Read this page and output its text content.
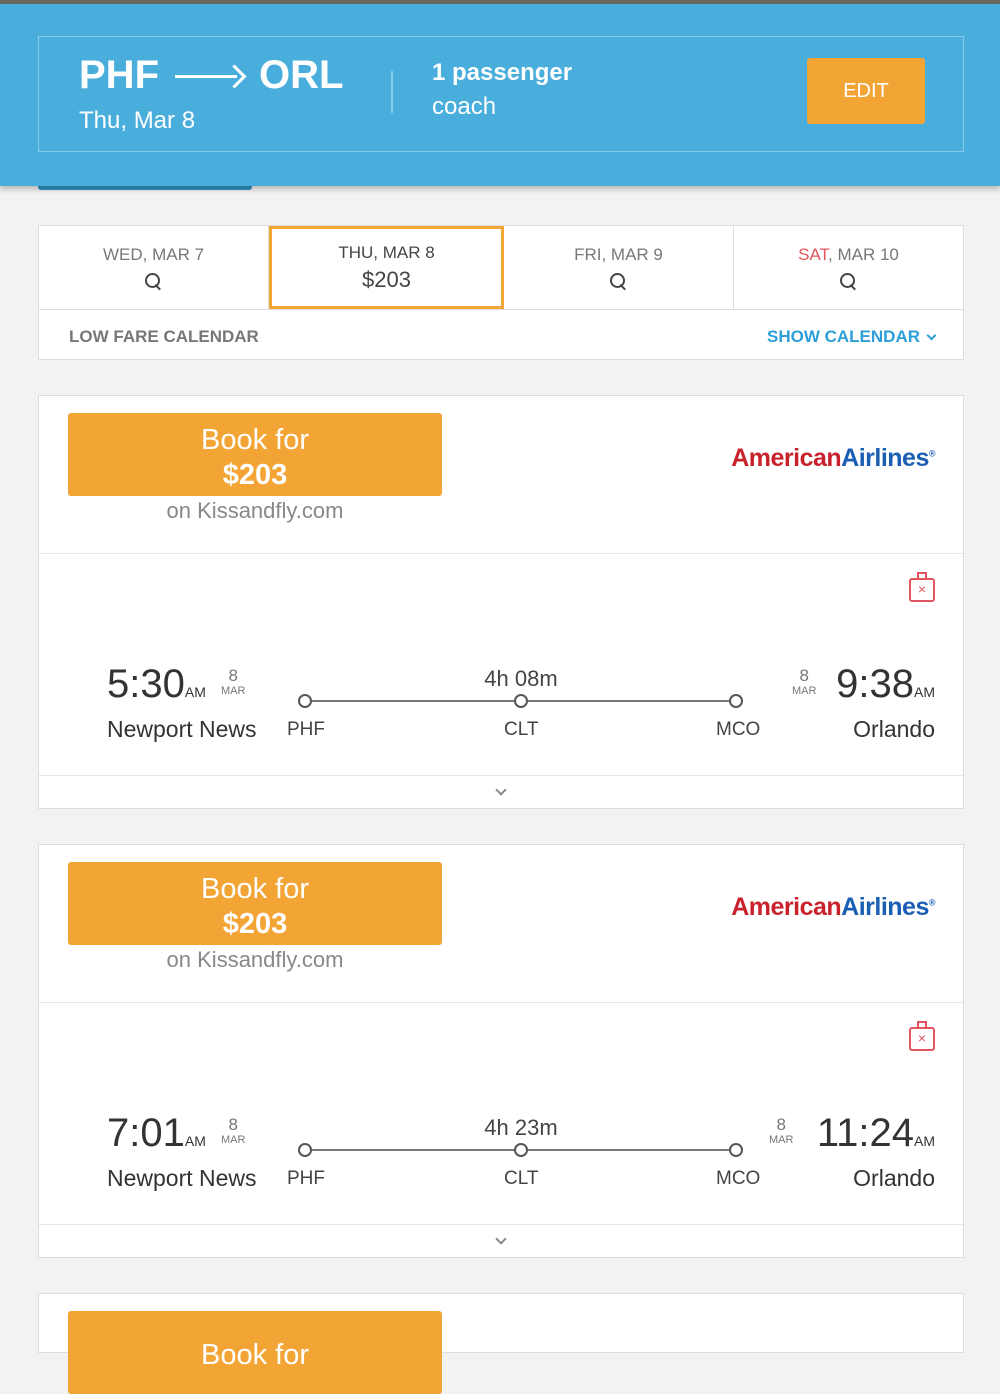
PHF	ORL
Thu, Mar 8
1 passenger
coach
EDIT
WED, MAR 7	THU, MAR 8
$203
FRI, MAR 9	SAT, MAR 10
LOW FARE CALENDAR	SHOW CALENDAR
Book for
$203
on Kissandfly.com
AmericanAirlines®
×
5:30AM
8
MAR
Newport News PHF
4h 08m
CLT	MCO
8
MAR 9:38AM
Orlando
Book for
$203
on Kissandfly.com
AmericanAirlines®
×
7:01AM
8
MAR
Newport News PHF
4h 23m
CLT	MCO
8
MAR 11:24AM
Orlando
Book for
